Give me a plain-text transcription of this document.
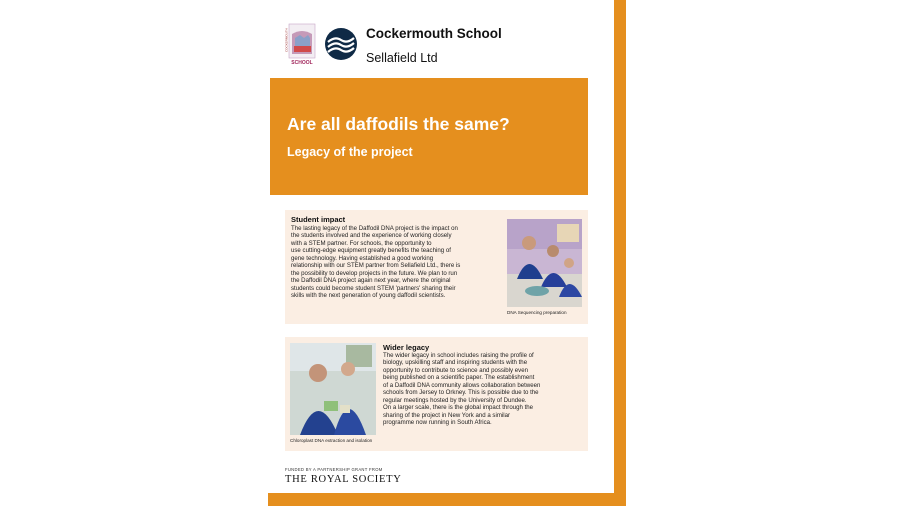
COCKERMOUTH
SCHOOL
Cockermouth School
Sellafield Ltd
Are all daffodils the same?
Legacy of the project
Student impact
The lasting legacy of the Daffodil DNA project is the impact on
the students involved and the experience of working closely
with a STEM partner. For schools, the opportunity to
use cutting-edge equipment greatly benefits the teaching of
gene technology. Having established a good working
relationship with our STEM partner from Sellafield Ltd., there is
the possibility to develop projects in the future. We plan to run
the Daffodil DNA project again next year, where the original
students could become student STEM 'partners' sharing their
skills with the next generation of young daffodil scientists.
DNA Sequencing preparation
Chloroplast DNA extraction and isolation
Wider legacy
The wider legacy in school includes raising the profile of
biology, upskilling staff and inspiring students with the
opportunity to contribute to science and possibly even
being published on a scientific paper. The establishment
of a Daffodil DNA community allows collaboration between
schools from Jersey to Orkney. This is possible due to the
regular meetings hosted by the University of Dundee.
On a larger scale, there is the global impact through the
sharing of the project in New York and a similar
programme now running in South Africa.
FUNDED BY A PARTNERSHIP GRANT FROM
THE ROYAL SOCIETY
